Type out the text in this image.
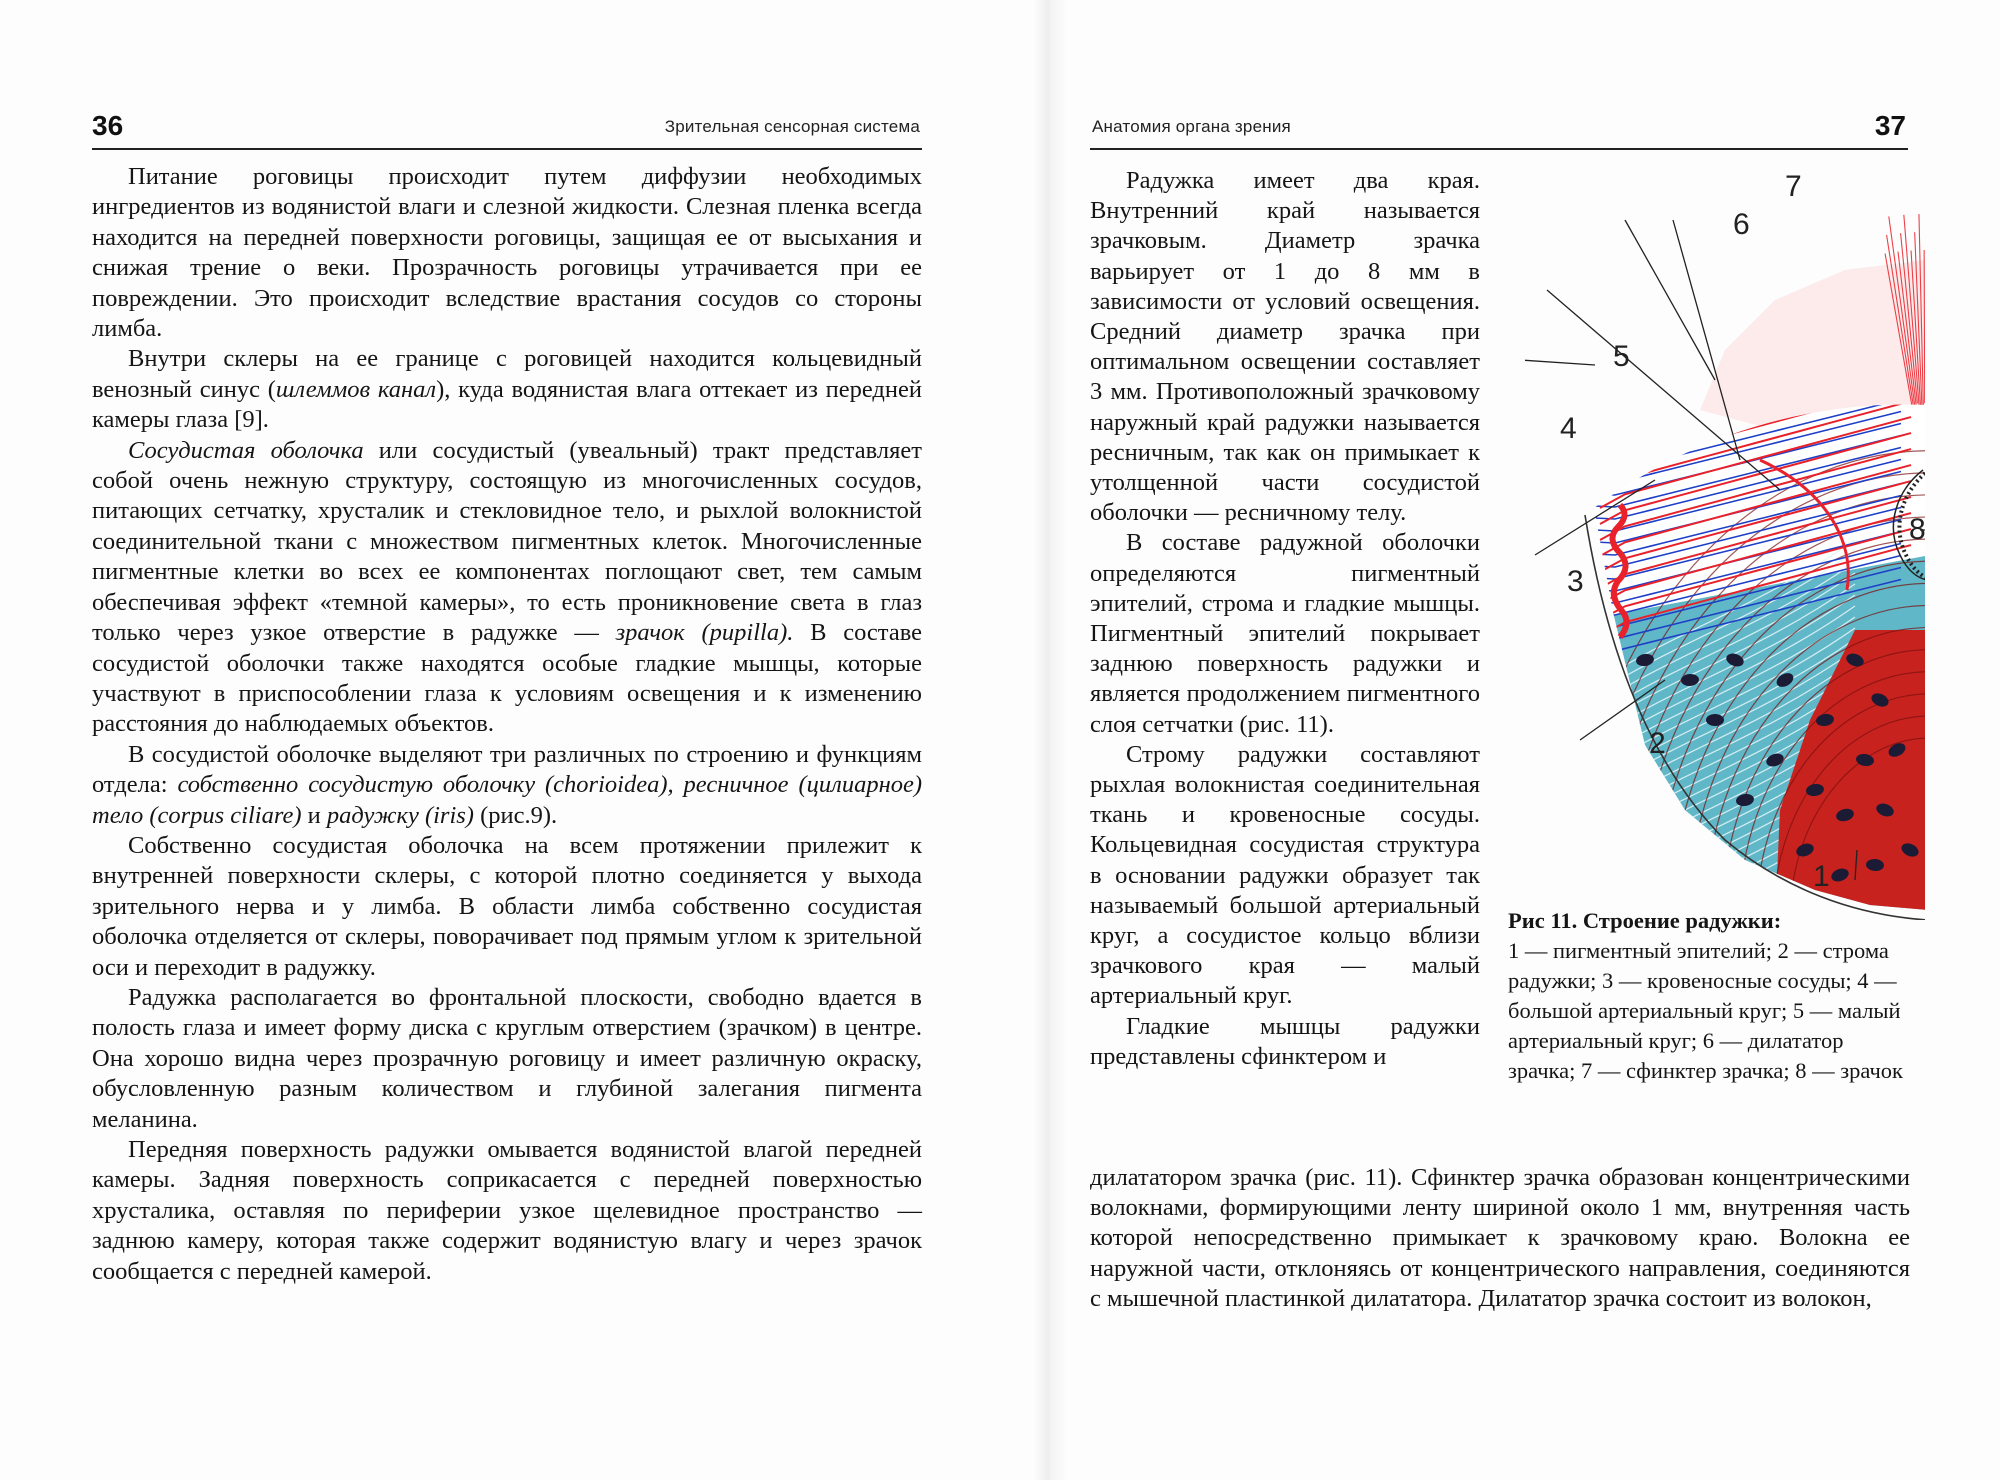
36	Зрительная сенсорная система

Питание роговицы происходит путем диффузии необходимых ингредиентов из водянистой влаги и слезной жидкости. Слезная пленка всегда находится на передней поверхности роговицы, защищая ее от высыхания и снижая трение о веки. Прозрачность роговицы утрачивается при ее повреждении. Это происходит вследствие врастания сосудов со стороны лимба.

Внутри склеры на ее границе с роговицей находится кольцевидный венозный синус (шлеммов канал), куда водянистая влага оттекает из передней камеры глаза [9].

Сосудистая оболочка или сосудистый (увеальный) тракт представляет собой очень нежную структуру, состоящую из многочисленных сосудов, питающих сетчатку, хрусталик и стекловидное тело, и рыхлой волокнистой соединительной ткани с множеством пигментных клеток. Многочисленные пигментные клетки во всех ее компонентах поглощают свет, тем самым обеспечивая эффект «темной камеры», то есть проникновение света в глаз только через узкое отверстие в радужке — зрачок (pupilla). В составе сосудистой оболочки также находятся особые гладкие мышцы, которые участвуют в приспособлении глаза к условиям освещения и к изменению расстояния до наблюдаемых объектов.

В сосудистой оболочке выделяют три различных по строению и функциям отдела: собственно сосудистую оболочку (chorioidea), ресничное (цилиарное) тело (corpus ciliare) и радужку (iris) (рис.9).

Собственно сосудистая оболочка на всем протяжении прилежит к внутренней поверхности склеры, с которой плотно соединяется у выхода зрительного нерва и у лимба. В области лимба собственно сосудистая оболочка отделяется от склеры, поворачивает под прямым углом к зрительной оси и переходит в радужку.

Радужка располагается во фронтальной плоскости, свободно вдается в полость глаза и имеет форму диска с круглым отверстием (зрачком) в центре. Она хорошо видна через прозрачную роговицу и имеет различную окраску, обусловленную разным количеством и глубиной залегания пигмента меланина.

Передняя поверхность радужки омывается водянистой влагой передней камеры. Задняя поверхность соприкасается с передней поверхностью хрусталика, оставляя по периферии узкое щелевидное пространство — заднюю камеру, которая также содержит водянистую влагу и через зрачок сообщается с передней камерой.

Анатомия органа зрения	37

Радужка имеет два края. Внутренний край называется зрачковым. Диаметр зрачка варьирует от 1 до 8 мм в зависимости от условий освещения. Средний диаметр зрачка при оптимальном освещении составляет 3 мм. Противоположный зрачковому наружный край радужки называется ресничным, так как он примыкает к утолщенной части сосудистой оболочки — ресничному телу.

В составе радужной оболочки определяются пигментный эпителий, строма и гладкие мышцы. Пигментный эпителий покрывает заднюю поверхность радужки и является продолжением пигментного слоя сетчатки (рис. 11).

Строму радужки составляют рыхлая волокнистая соединительная ткань и кровеносные сосуды. Кольцевидная сосудистая структура в основании радужки образует так называемый большой артериальный круг, а сосудистое кольцо вблизи зрачкового края — малый артериальный круг.

Гладкие мышцы радужки представлены сфинктером и

7
6
5
4
8
3
2
1
Рис 11. Строение радужки:
1 — пигментный эпителий; 2 — строма радужки; 3 — кровеносные сосуды; 4 — большой артериальный круг; 5 — малый артериальный круг; 6 — дилататор зрачка; 7 — сфинктер зрачка; 8 — зрачок

дилататором зрачка (рис. 11). Сфинктер зрачка образован концентрическими волокнами, формирующими ленту шириной около 1 мм, внутренняя часть которой непосредственно примыкает к зрачковому краю. Волокна ее наружной части, отклоняясь от концентрического направления, соединяются с мышечной пластинкой дилататора. Дилататор зрачка состоит из волокон,
